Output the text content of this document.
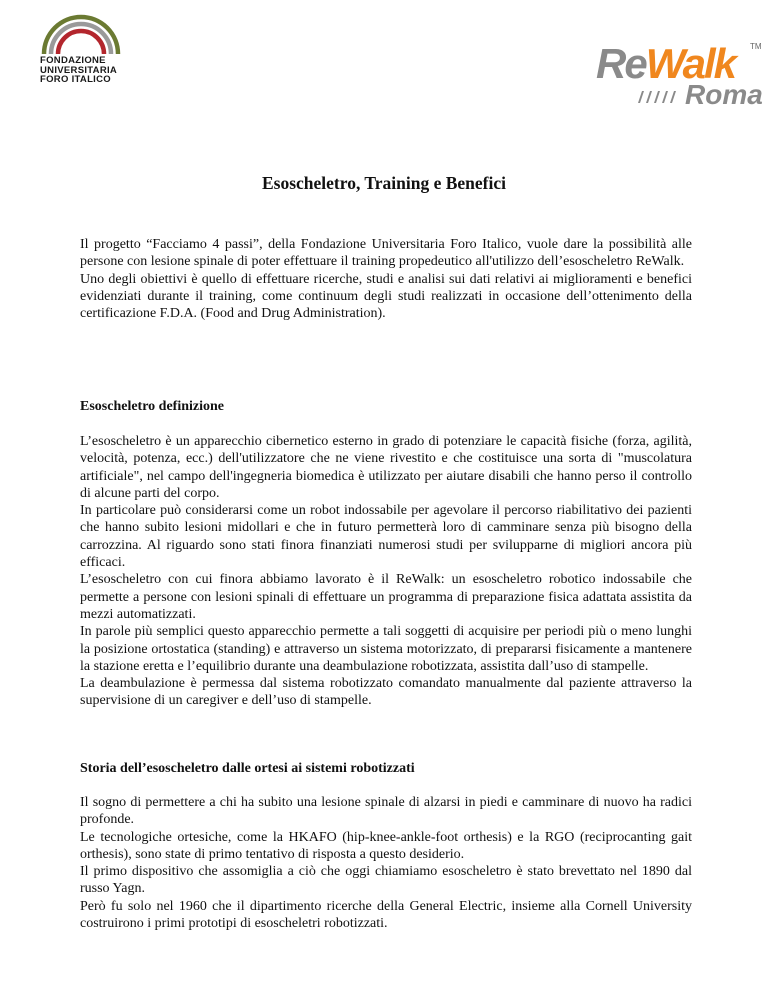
FONDAZIONE
UNIVERSITARIA
FORO ITALICO	ReWalk TM
Roma
Esoscheletro, Training e Benefici

Il progetto “Facciamo 4 passi”, della Fondazione Universitaria Foro Italico, vuole dare la possibilità alle persone con lesione spinale di poter effettuare il training propedeutico all'utilizzo dell’esoscheletro ReWalk.

Uno degli obiettivi è quello di effettuare ricerche, studi e analisi sui dati relativi ai miglioramenti e benefici evidenziati durante il training, come continuum degli studi realizzati in occasione dell’ottenimento della certificazione F.D.A. (Food and Drug Administration).

Esoscheletro definizione

L’esoscheletro è un apparecchio cibernetico esterno in grado di potenziare le capacità fisiche (forza, agilità, velocità, potenza, ecc.) dell'utilizzatore che ne viene rivestito e che costituisce una sorta di "muscolatura artificiale", nel campo dell'ingegneria biomedica è utilizzato per aiutare disabili che hanno perso il controllo di alcune parti del corpo.

In particolare può considerarsi come un robot indossabile per agevolare il percorso riabilitativo dei pazienti che hanno subito lesioni midollari e che in futuro permetterà loro di camminare senza più bisogno della carrozzina. Al riguardo sono stati finora finanziati numerosi studi per svilupparne di migliori ancora più efficaci.

L’esoscheletro con cui finora abbiamo lavorato è il ReWalk: un esoscheletro robotico indossabile che permette a persone con lesioni spinali di effettuare un programma di preparazione fisica adattata assistita da mezzi automatizzati.

In parole più semplici questo apparecchio permette a tali soggetti di acquisire per periodi più o meno lunghi la posizione ortostatica (standing) e attraverso un sistema motorizzato, di prepararsi fisicamente a mantenere la stazione eretta e l’equilibrio durante una deambulazione robotizzata, assistita dall’uso di stampelle.

La deambulazione è permessa dal sistema robotizzato comandato manualmente dal paziente attraverso la supervisione di un caregiver e dell’uso di stampelle.

Storia dell’esoscheletro dalle ortesi ai sistemi robotizzati

Il sogno di permettere a chi ha subito una lesione spinale di alzarsi in piedi e camminare di nuovo ha radici profonde.

Le tecnologiche ortesiche, come la HKAFO (hip-knee-ankle-foot orthesis) e la RGO (reciprocanting gait orthesis), sono state di primo tentativo di risposta a questo desiderio.

Il primo dispositivo che assomiglia a ciò che oggi chiamiamo esoscheletro è stato brevettato nel 1890 dal russo Yagn.

Però fu solo nel 1960 che il dipartimento ricerche della General Electric, insieme alla Cornell University costruirono i primi prototipi di esoscheletri robotizzati.
